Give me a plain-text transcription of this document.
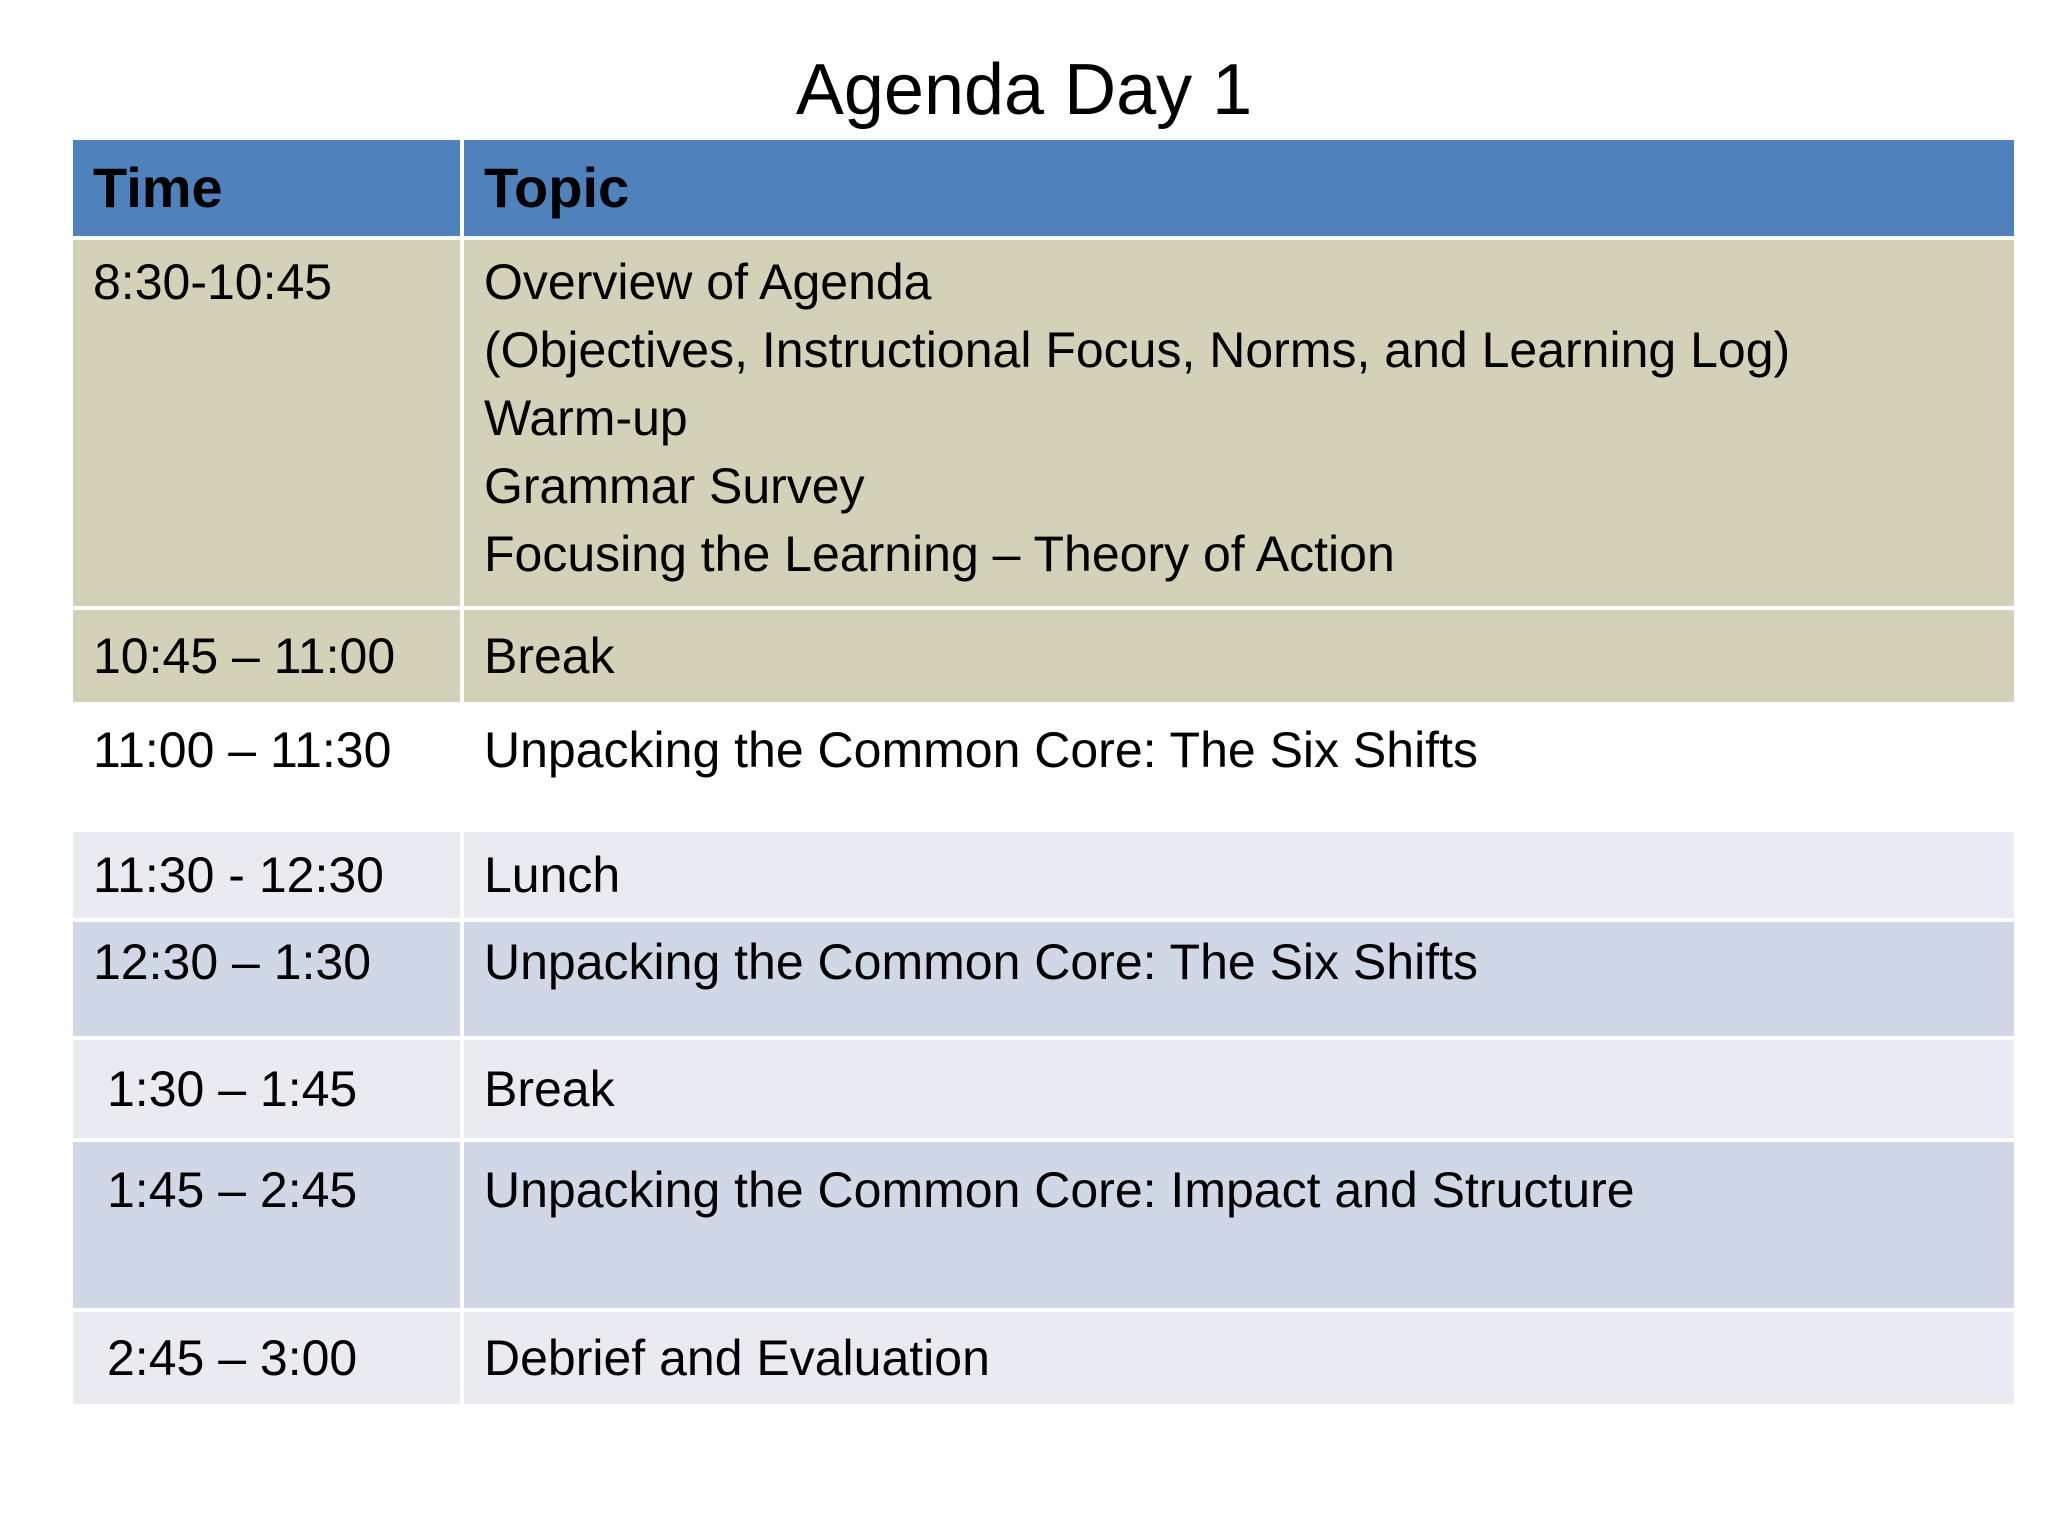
Agenda Day 1
Time	Topic
8:30-10:45	Overview of Agenda
(Objectives, Instructional Focus, Norms, and Learning Log)
Warm-up
Grammar Survey
Focusing the Learning – Theory of Action

10:45 – 11:00	Break
11:00 – 11:30	Unpacking the Common Core: The Six Shifts
11:30 - 12:30	Lunch
12:30 – 1:30	Unpacking the Common Core: The Six Shifts
1:30 – 1:45	Break
1:45 – 2:45	Unpacking the Common Core: Impact and Structure
2:45 – 3:00	Debrief and Evaluation
